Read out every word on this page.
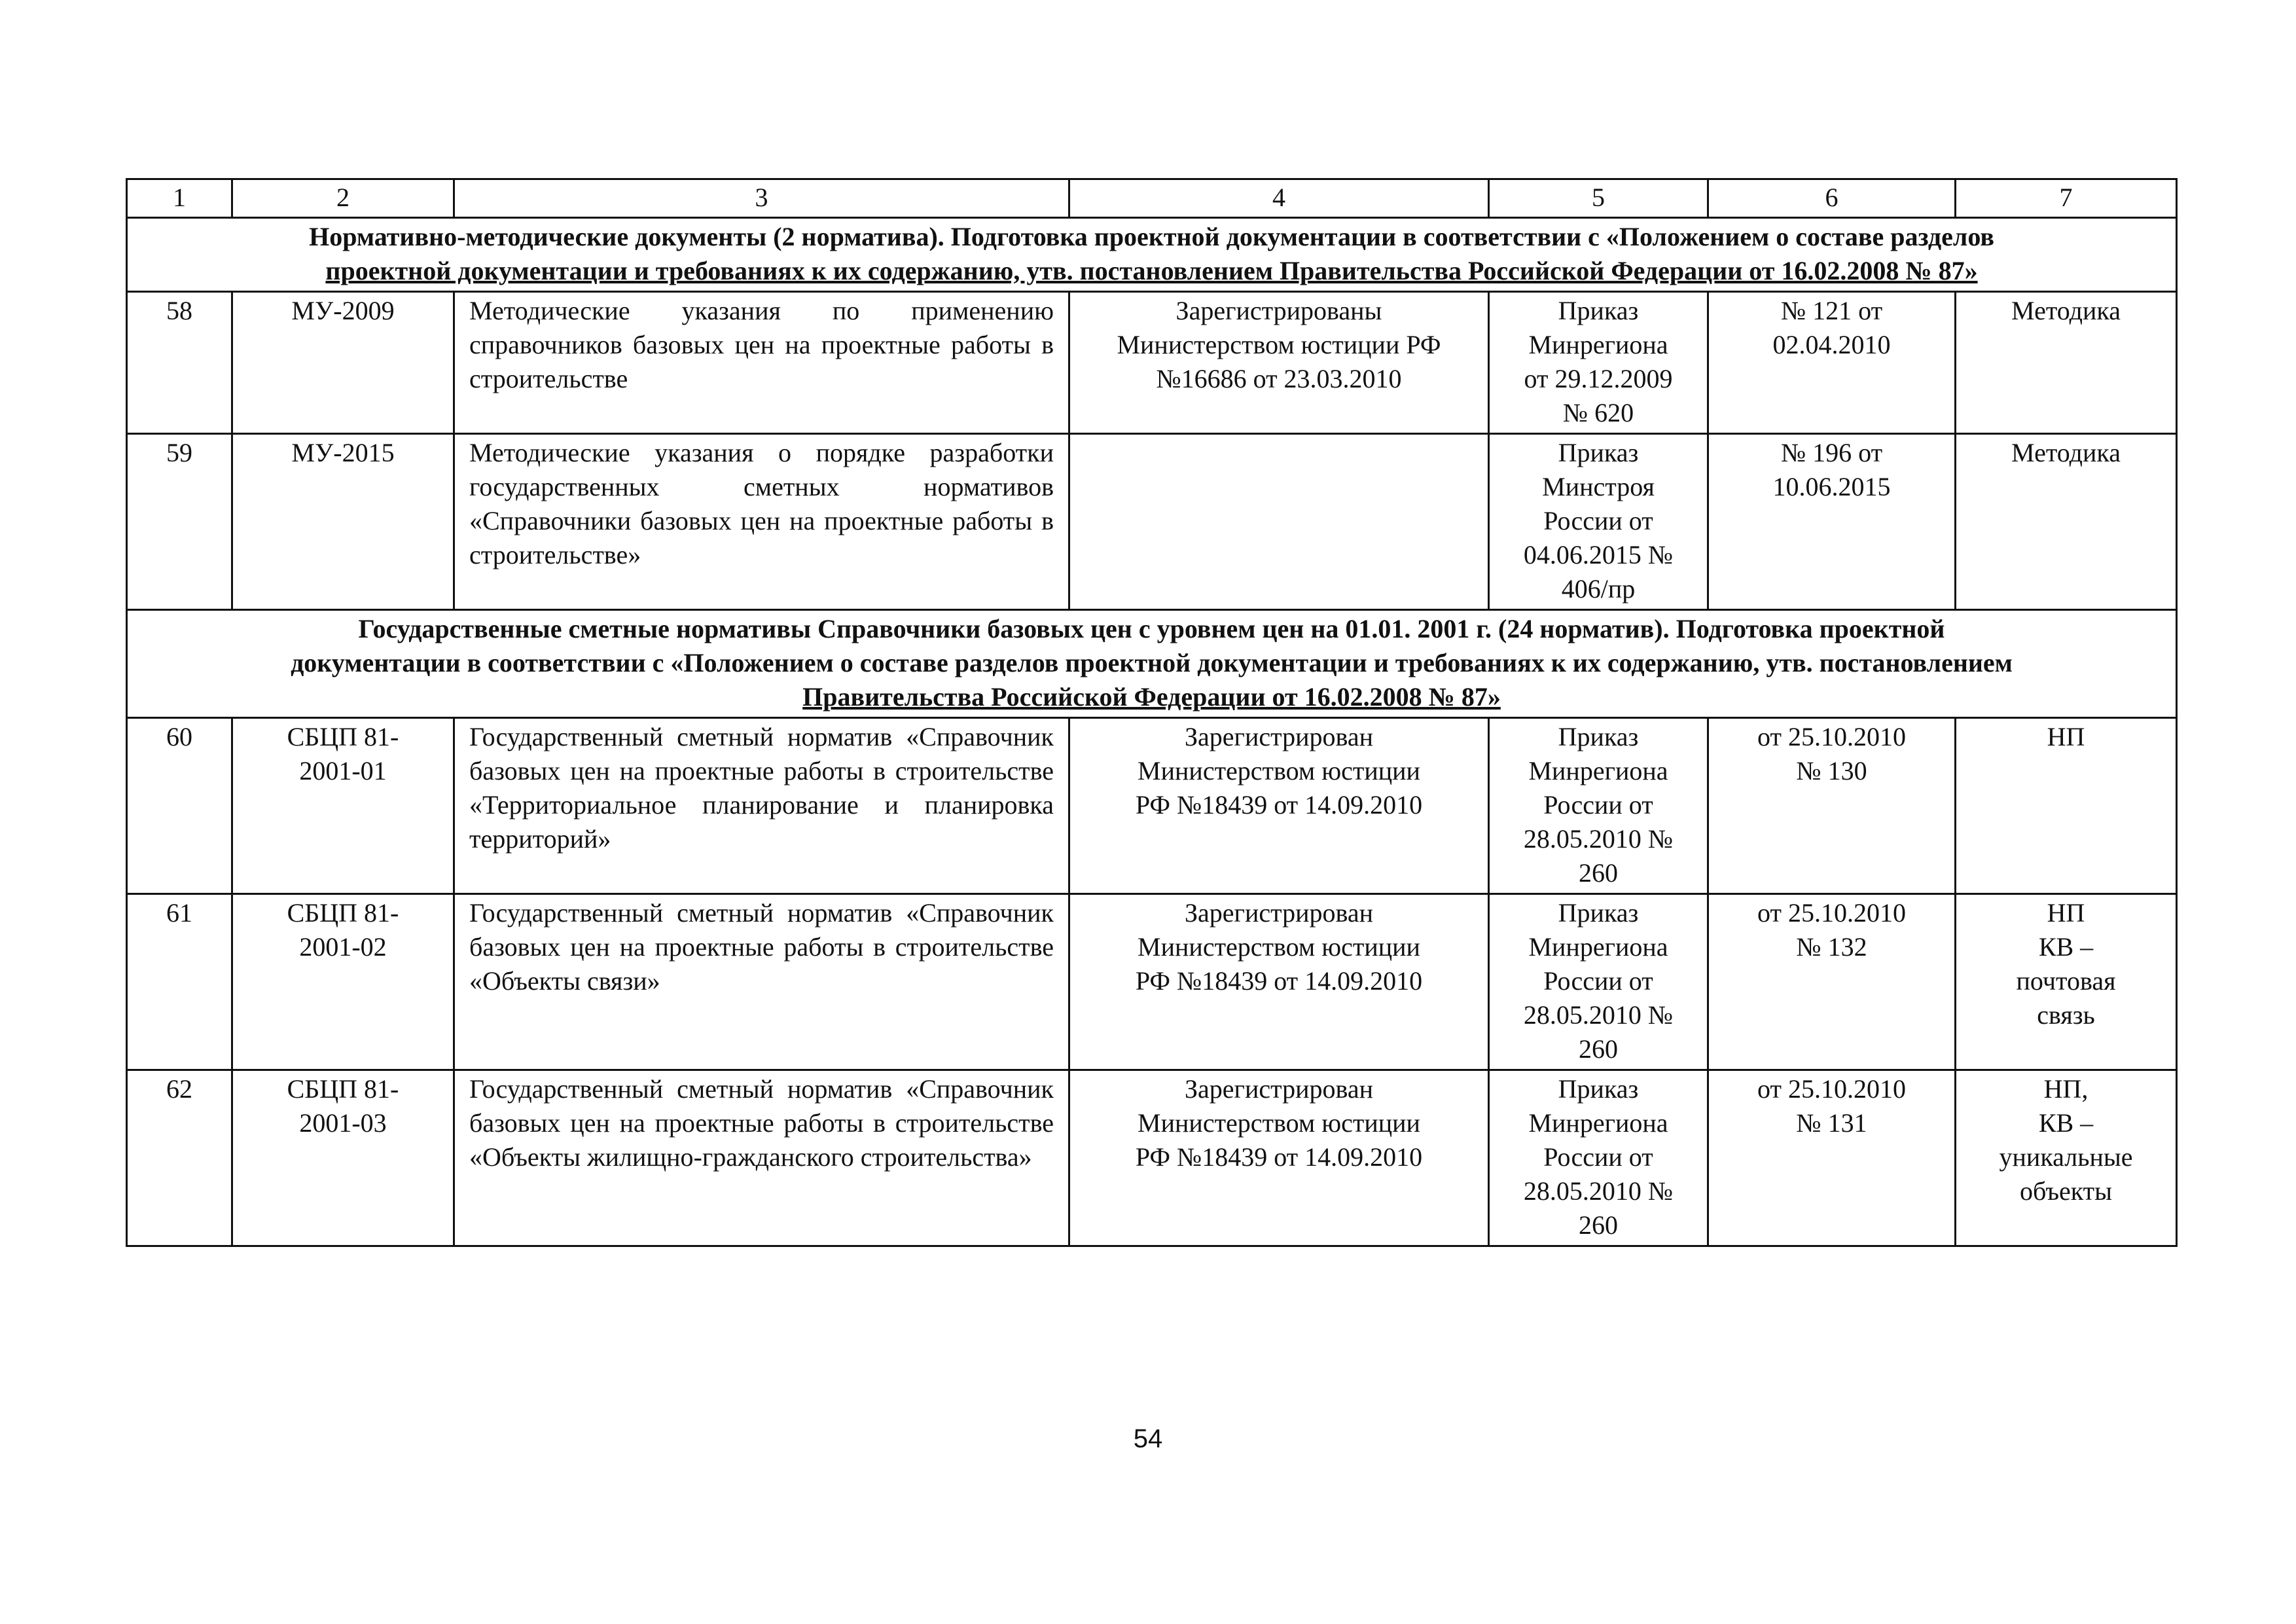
1	2	3	4	5	6	7

Нормативно-методические документы (2 норматива). Подготовка проектной документации в соответствии с «Положением о составе разделов
проектной документации и требованиях к их содержанию, утв. постановлением Правительства Российской Федерации от 16.02.2008 № 87»						

58	МУ-2009	Методические указания по применению справочников базовых цен на проектные работы в строительстве	Зарегистрированы
Министерством юстиции РФ
№16686 от 23.03.2010	Приказ
Минрегиона
от 29.12.2009
№ 620	№ 121 от
02.04.2010	Методика
59	МУ-2015	Методические указания о порядке разработки государственных сметных нормативов «Справочники базовых цен на проектные работы в строительстве»		Приказ
Минстроя
России от
04.06.2015 №
406/пр	№ 196 от
10.06.2015	Методика

Государственные сметные нормативы Справочники базовых цен с уровнем цен на 01.01. 2001 г. (24 норматив). Подготовка проектной
документации в соответствии с «Положением о составе разделов проектной документации и требованиях к их содержанию, утв. постановлением
Правительства Российской Федерации от 16.02.2008 № 87»						

60	СБЦП 81-
2001-01	Государственный сметный норматив «Справочник базовых цен на проектные работы в строительстве «Территориальное планирование и планировка территорий»	Зарегистрирован
Министерством юстиции
РФ №18439 от 14.09.2010	Приказ
Минрегиона
России от
28.05.2010 №
260	от 25.10.2010
№ 130	НП
61	СБЦП 81-
2001-02	Государственный сметный норматив «Справочник базовых цен на проектные работы в строительстве «Объекты связи»	Зарегистрирован
Министерством юстиции
РФ №18439 от 14.09.2010	Приказ
Минрегиона
России от
28.05.2010 №
260	от 25.10.2010
№ 132	НП
КВ –
почтовая
связь
62	СБЦП 81-
2001-03	Государственный сметный норматив «Справочник базовых цен на проектные работы в строительстве «Объекты жилищно-гражданского строительства»	Зарегистрирован
Министерством юстиции
РФ №18439 от 14.09.2010	Приказ
Минрегиона
России от
28.05.2010 №
260	от 25.10.2010
№ 131	НП,
КВ –
уникальные
объекты
54
